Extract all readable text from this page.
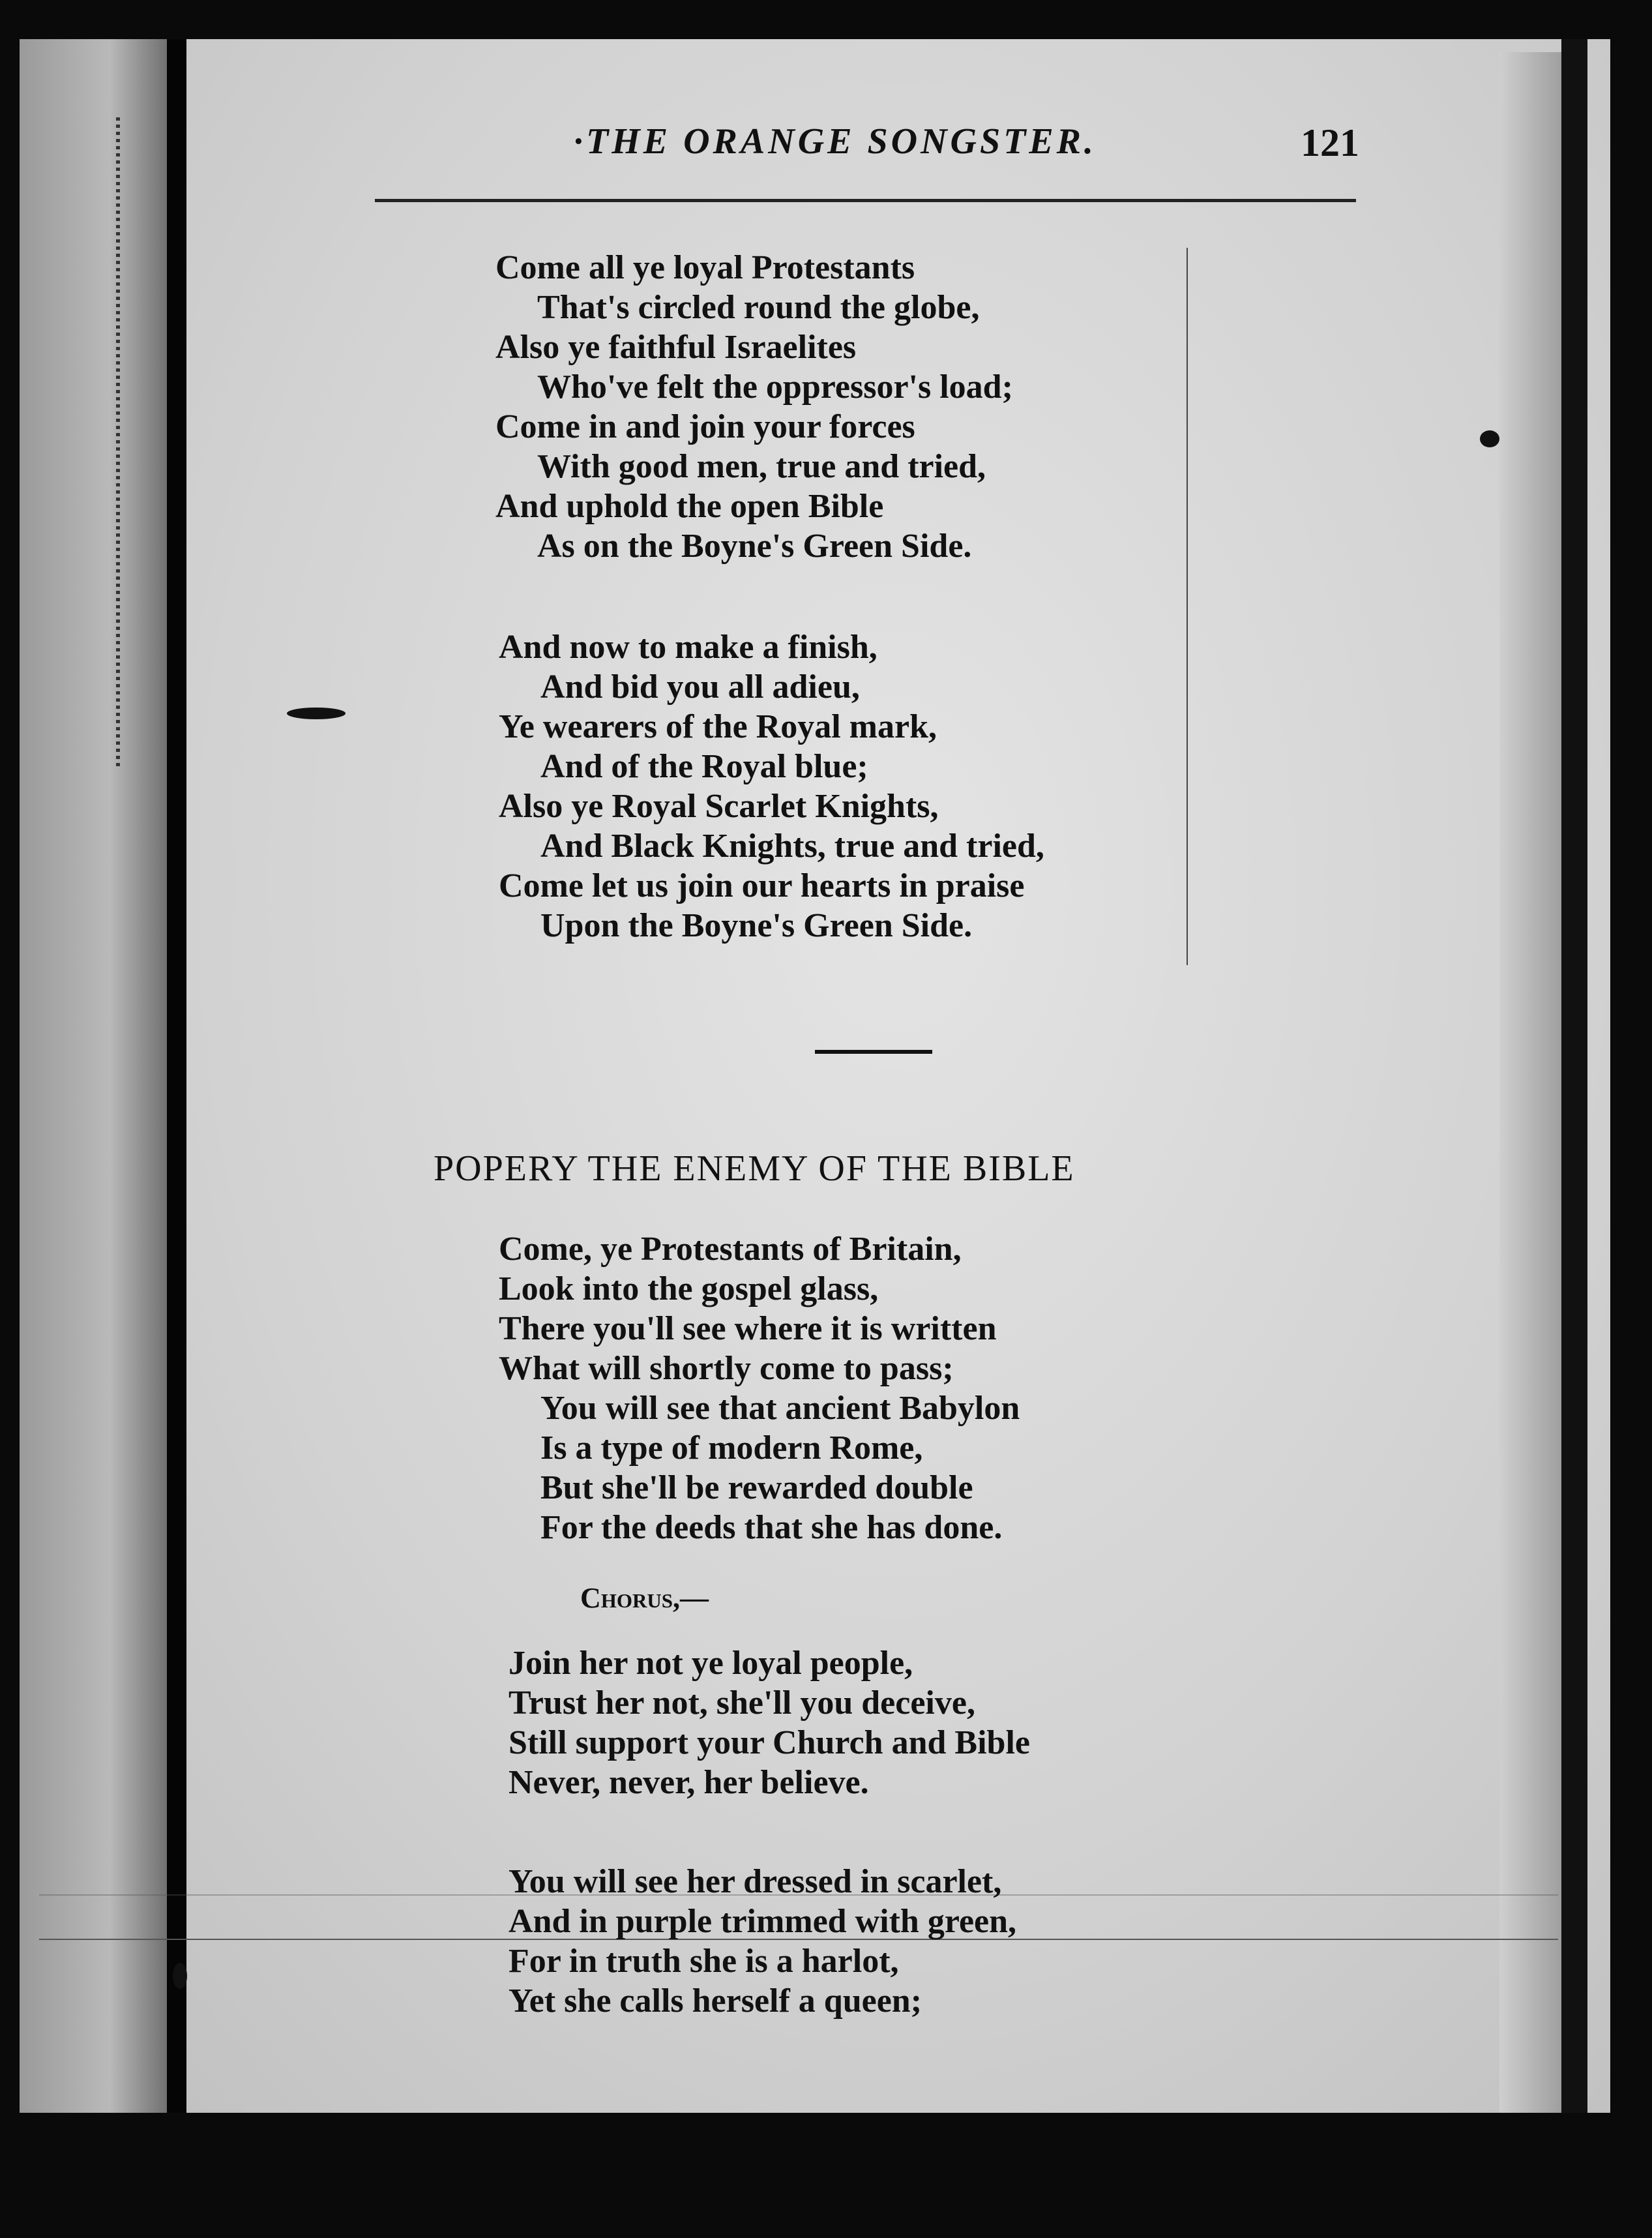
·THE ORANGE SONGSTER.	121
Come all ye loyal Protestants
That's circled round the globe,
Also ye faithful Israelites
Who've felt the oppressor's load;
Come in and join your forces
With good men, true and tried,
And uphold the open Bible
As on the Boyne's Green Side.
And now to make a finish,
And bid you all adieu,
Ye wearers of the Royal mark,
And of the Royal blue;
Also ye Royal Scarlet Knights,
And Black Knights, true and tried,
Come let us join our hearts in praise
Upon the Boyne's Green Side.
POPERY THE ENEMY OF THE BIBLE
Come, ye Protestants of Britain,
Look into the gospel glass,
There you'll see where it is written
What will shortly come to pass;
You will see that ancient Babylon
Is a type of modern Rome,
But she'll be rewarded double
For the deeds that she has done.
Chorus,—
Join her not ye loyal people,
Trust her not, she'll you deceive,
Still support your Church and Bible
Never, never, her believe.
You will see her dressed in scarlet,
And in purple trimmed with green,
For in truth she is a harlot,
Yet she calls herself a queen;
